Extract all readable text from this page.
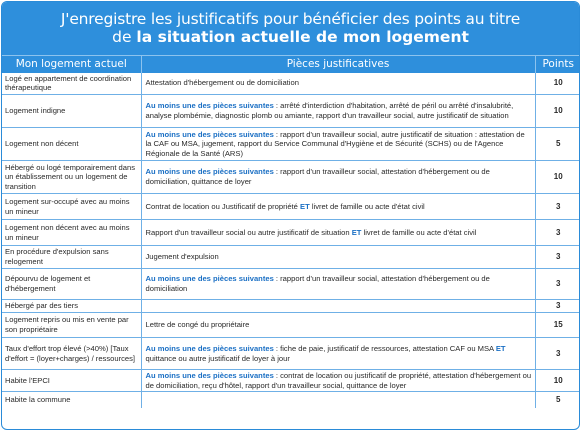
J'enregistre les justificatifs pour bénéficier des points au titre
de la situation actuelle de mon logement
Mon logement actuel	Pièces justificatives	Points
Logé en appartement de coordination thérapeutique	Attestation d'hébergement ou de domiciliation	10
Logement indigne	Au moins une des pièces suivantes : arrêté d'interdiction d'habitation, arrêté de péril ou arrêté d'insalubrité, analyse plombémie, diagnostic plomb ou amiante, rapport d'un travailleur social, autre justificatif de situation	10
Logement non décent	Au moins une des pièces suivantes : rapport d'un travailleur social, autre justificatif de situation : attestation de la CAF ou MSA, jugement, rapport du Service Communal d'Hygiène et de Sécurité (SCHS) ou de l'Agence Régionale de la Santé (ARS)	5
Hébergé ou logé temporairement dans un établissement ou un logement de transition	Au moins une des pièces suivantes : rapport d'un travailleur social, attestation d'hébergement ou de domiciliation, quittance de loyer	10
Logement sur-occupé avec au moins un mineur	Contrat de location ou Justificatif de propriété ET livret de famille ou acte d'état civil	3
Logement non décent avec au moins un mineur	Rapport d'un travailleur social ou autre justificatif de situation ET livret de famille ou acte d'état civil	3
En procédure d'expulsion sans relogement	Jugement d'expulsion	3
Dépourvu de logement et d'hébergement	Au moins une des pièces suivantes : rapport d'un travailleur social, attestation d'hébergement ou de domiciliation	3
Hébergé par des tiers		3
Logement repris ou mis en vente par son propriétaire	Lettre de congé du propriétaire	15
Taux d'effort trop élevé (>40%) [Taux d'effort = (loyer+charges) / ressources]	Au moins une des pièces suivantes : fiche de paie, justificatif de ressources, attestation CAF ou MSA ET quittance ou autre justificatif de loyer à jour	3
Habite l'EPCI	Au moins une des pièces suivantes : contrat de location ou justificatif de propriété, attestation d'hébergement ou de domiciliation, reçu d'hôtel, rapport d'un travailleur social, quittance de loyer	10
Habite la commune		5
